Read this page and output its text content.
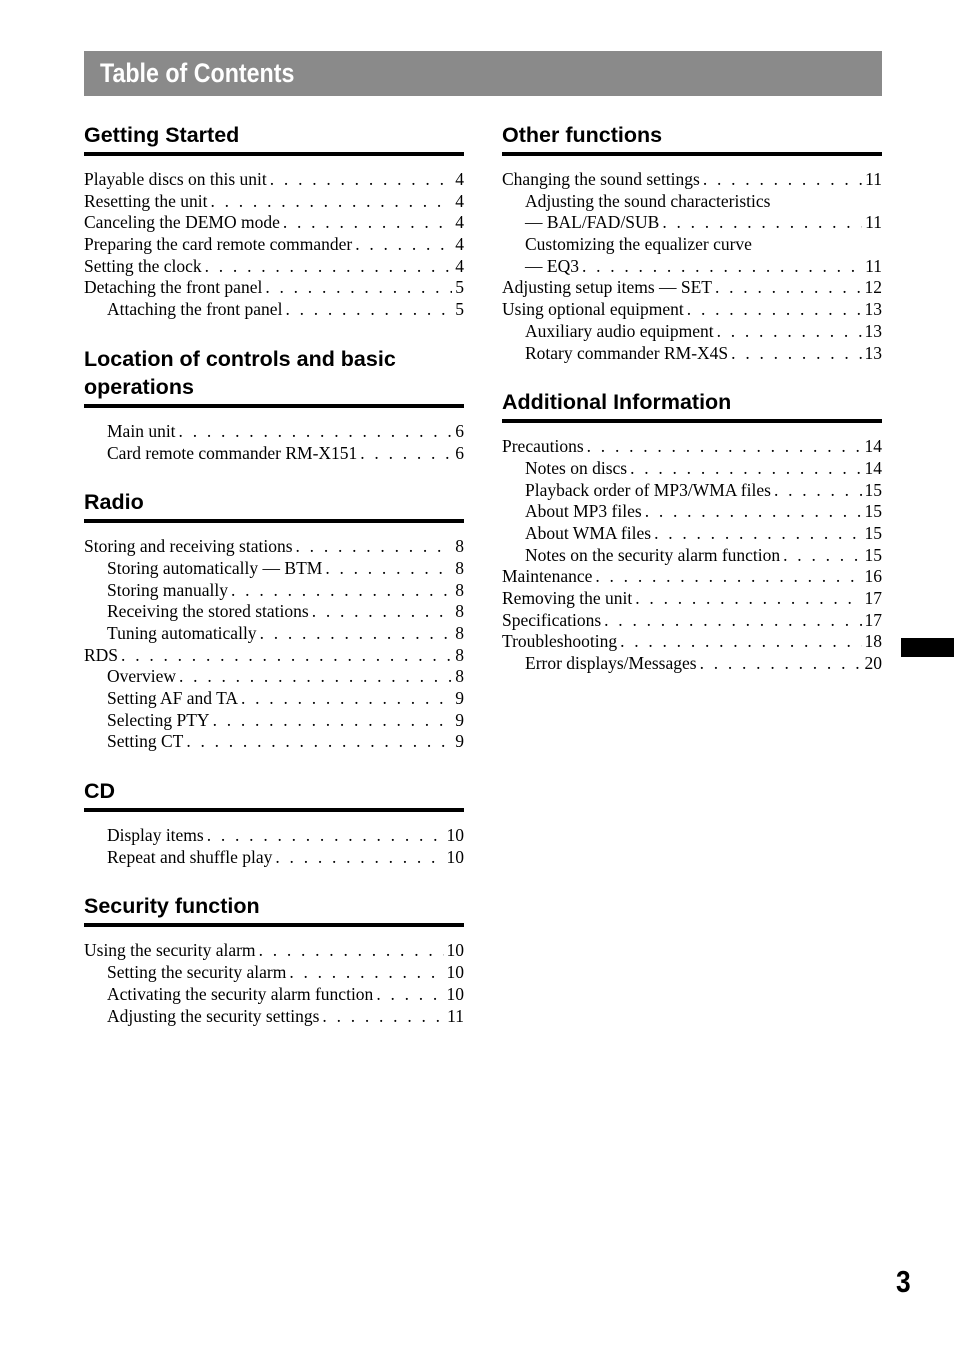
Table of Contents
Getting Started
Playable discs on this unit . . .	4
Resetting the unit . . .	4
Canceling the DEMO mode . . .	4
Preparing the card remote commander . . .	4
Setting the clock . . .	4
Detaching the front panel . . .	5
Attaching the front panel . . .	5
Location of controls and basic operations
Main unit . . .	6
Card remote commander RM-X151 . . .	6
Radio
Storing and receiving stations . . .	8
Storing automatically — BTM . . .	8
Storing manually . . .	8
Receiving the stored stations . . .	8
Tuning automatically . . .	8
RDS . . .	8
Overview . . .	8
Setting AF and TA . . .	9
Selecting PTY . . .	9
Setting CT . . .	9
CD
Display items . . .	10
Repeat and shuffle play . . .	10
Security function
Using the security alarm . . .	10
Setting the security alarm . . .	10
Activating the security alarm function . . .	10
Adjusting the security settings . . .	11
Other functions
Changing the sound settings . . .	11
Adjusting the sound characteristics
— BAL/FAD/SUB . . .	11
Customizing the equalizer curve
— EQ3 . . .	11
Adjusting setup items — SET . . .	12
Using optional equipment . . .	13
Auxiliary audio equipment . . .	13
Rotary commander RM-X4S . . .	13
Additional Information
Precautions . . .	14
Notes on discs . . .	14
Playback order of MP3/WMA files . . .	15
About MP3 files . . .	15
About WMA files . . .	15
Notes on the security alarm function . . .	15
Maintenance . . .	16
Removing the unit . . .	17
Specifications . . .	17
Troubleshooting . . .	18
Error displays/Messages . . .	20
3
